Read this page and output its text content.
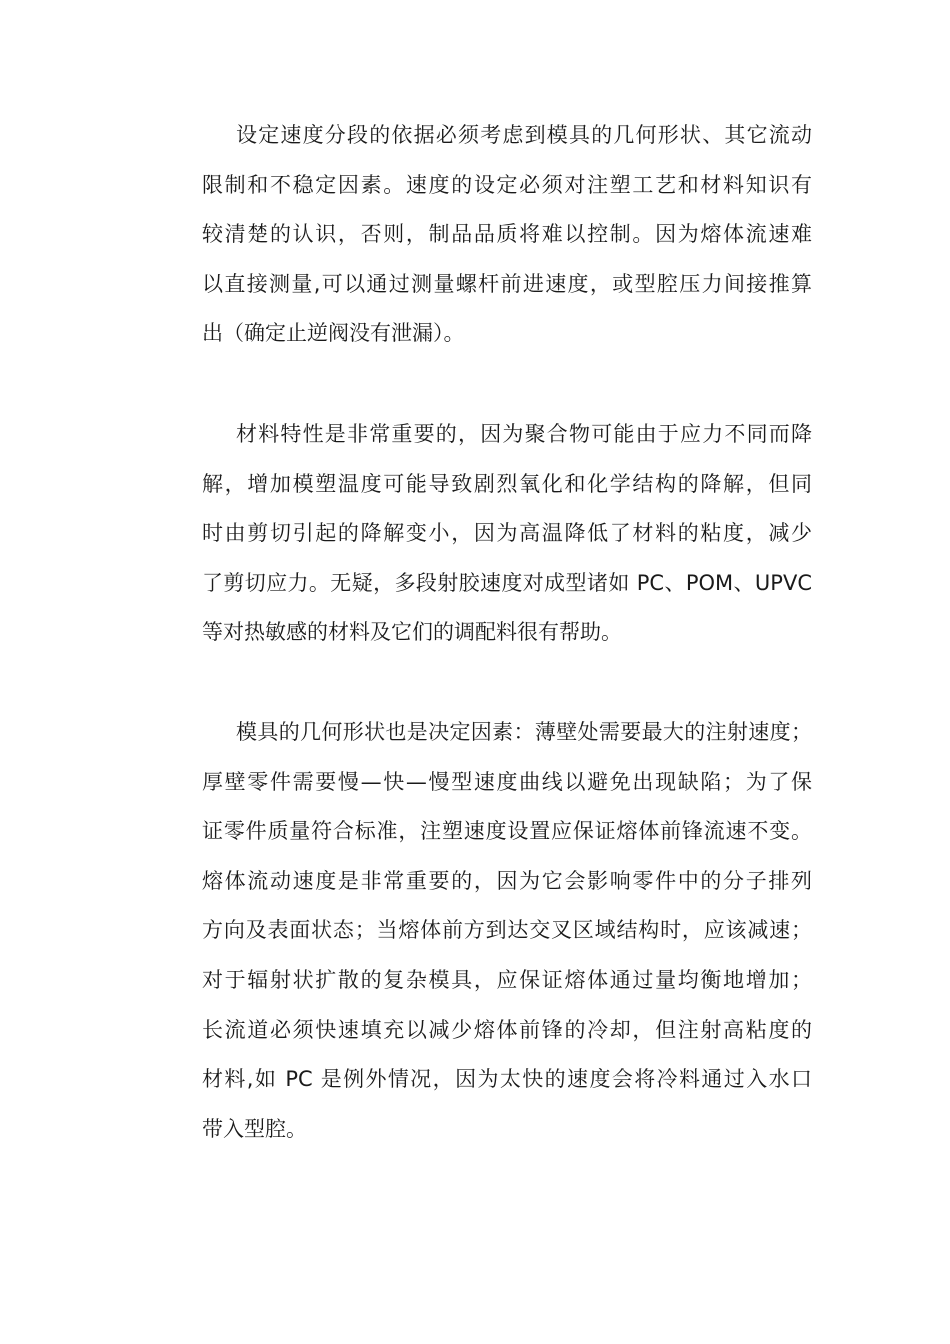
设定速度分段的依据必须考虑到模具的几何形状、其它流动
限制和不稳定因素。速度的设定必须对注塑工艺和材料知识有
较清楚的认识，否则，制品品质将难以控制。因为熔体流速难
以直接测量,可以通过测量螺杆前进速度，或型腔压力间接推算
出（确定止逆阀没有泄漏）。
材料特性是非常重要的，因为聚合物可能由于应力不同而降
解，增加模塑温度可能导致剧烈氧化和化学结构的降解，但同
时由剪切引起的降解变小，因为高温降低了材料的粘度，减少
了剪切应力。无疑，多段射胶速度对成型诸如 PC、POM、UPVC
等对热敏感的材料及它们的调配料很有帮助。
模具的几何形状也是决定因素：薄壁处需要最大的注射速度；
厚壁零件需要慢—快—慢型速度曲线以避免出现缺陷；为了保
证零件质量符合标准，注塑速度设置应保证熔体前锋流速不变。
熔体流动速度是非常重要的，因为它会影响零件中的分子排列
方向及表面状态；当熔体前方到达交叉区域结构时，应该减速；
对于辐射状扩散的复杂模具，应保证熔体通过量均衡地增加；
长流道必须快速填充以减少熔体前锋的冷却，但注射高粘度的
材料,如 PC 是例外情况，因为太快的速度会将冷料通过入水口
带入型腔。
